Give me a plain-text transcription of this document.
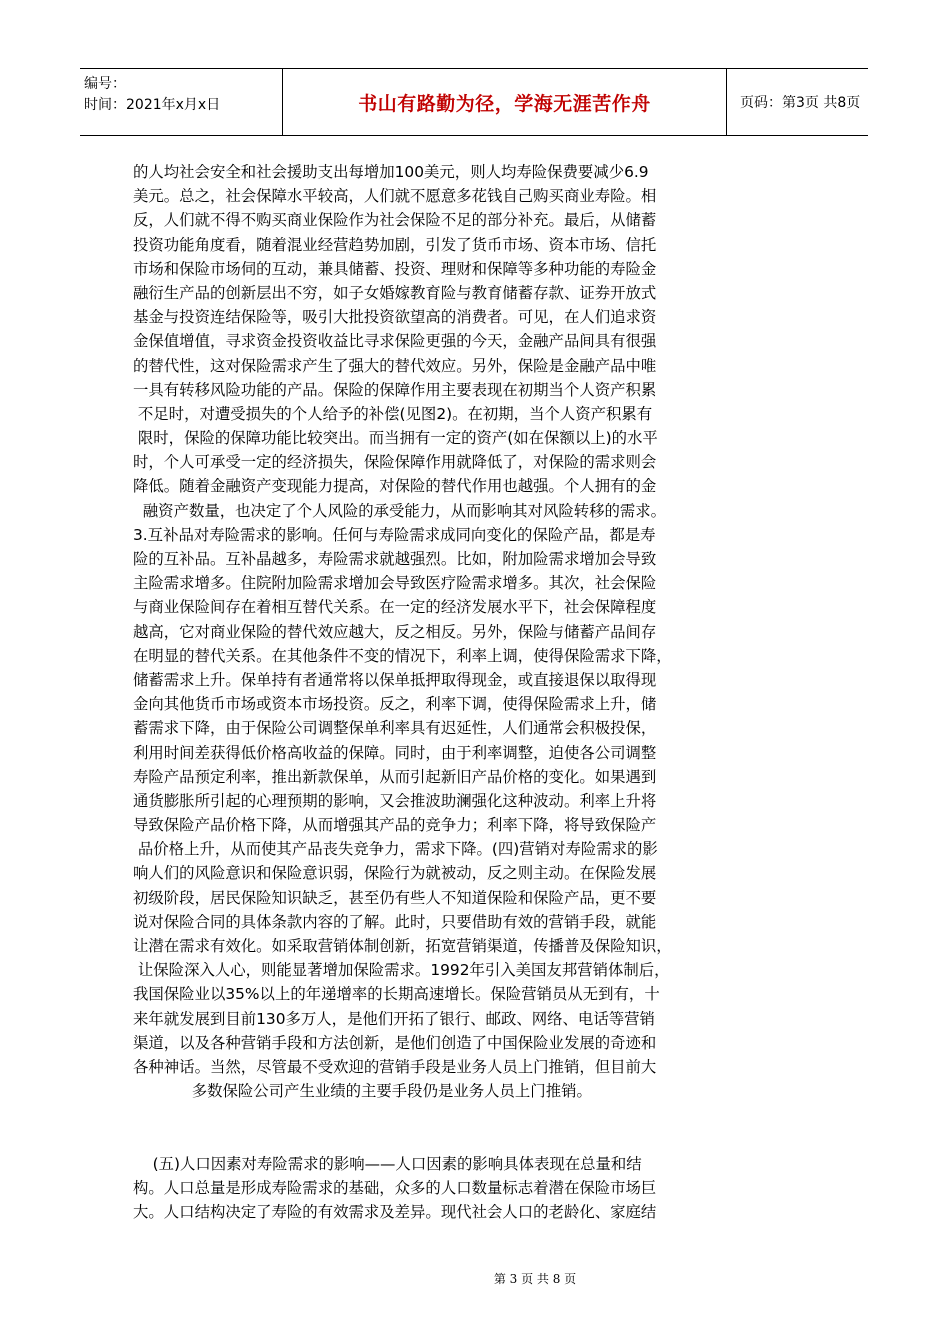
编号：
时间：2021年x月x日	书山有路勤为径，学海无涯苦作舟	页码：第3页 共8页
的人均社会安全和社会援助支出每增加100美元，则人均寿险保费要减少6.9
美元。总之，社会保障水平较高，人们就不愿意多花钱自己购买商业寿险。相
反，人们就不得不购买商业保险作为社会保险不足的部分补充。最后，从储蓄
投资功能角度看，随着混业经营趋势加剧，引发了货币市场、资本市场、信托
市场和保险市场伺的互动，兼具储蓄、投资、理财和保障等多种功能的寿险金
融衍生产品的创新层出不穷，如子女婚嫁教育险与教育储蓄存款、证券开放式
基金与投资连结保险等，吸引大批投资欲望高的消费者。可见，在人们追求资
金保值增值，寻求资金投资收益比寻求保险更强的今天，金融产品间具有很强
的替代性，这对保险需求产生了强大的替代效应。另外，保险是金融产品中唯
一具有转移风险功能的产品。保险的保障作用主要表现在初期当个人资产积累
不足时，对遭受损失的个人给予的补偿(见图2)。在初期，当个人资产积累有
限时，保险的保障功能比较突出。而当拥有一定的资产(如在保额以上)的水平
时，个人可承受一定的经济损失，保险保障作用就降低了，对保险的需求则会
降低。随着金融资产变现能力提高，对保险的替代作用也越强。个人拥有的金
融资产数量，也决定了个人风险的承受能力，从而影响其对风险转移的需求。
3.互补品对寿险需求的影响。任何与寿险需求成同向变化的保险产品，都是寿
险的互补品。互补晶越多，寿险需求就越强烈。比如，附加险需求增加会导致
主险需求增多。住院附加险需求增加会导致医疗险需求增多。其次，社会保险
与商业保险间存在着相互替代关系。在一定的经济发展水平下，社会保障程度
越高，它对商业保险的替代效应越大，反之相反。另外，保险与储蓄产品间存
在明显的替代关系。在其他条件不变的情况下，利率上调，使得保险需求下降，
储蓄需求上升。保单持有者通常将以保单抵押取得现金，或直接退保以取得现
金向其他货币市场或资本市场投资。反之，利率下调，使得保险需求上升，储
蓄需求下降，由于保险公司调整保单利率具有迟延性，人们通常会积极投保，
利用时间差获得低价格高收益的保障。同时，由于利率调整，迫使各公司调整
寿险产品预定利率，推出新款保单，从而引起新旧产品价格的变化。如果遇到
通货膨胀所引起的心理预期的影响，又会推波助澜强化这种波动。利率上升将
导致保险产品价格下降，从而增强其产品的竞争力；利率下降，将导致保险产
品价格上升，从而使其产品丧失竞争力，需求下降。(四)营销对寿险需求的影
响人们的风险意识和保险意识弱，保险行为就被动，反之则主动。在保险发展
初级阶段，居民保险知识缺乏，甚至仍有些人不知道保险和保险产品，更不要
说对保险合同的具体条款内容的了解。此时，只要借助有效的营销手段，就能
让潜在需求有效化。如采取营销体制创新，拓宽营销渠道，传播普及保险知识，
让保险深入人心，则能显著增加保险需求。1992年引入美国友邦营销体制后，
我国保险业以35%以上的年递增率的长期高速增长。保险营销员从无到有，十
来年就发展到目前130多万人，是他们开拓了银行、邮政、网络、电话等营销
渠道，以及各种营销手段和方法创新，是他们创造了中国保险业发展的奇迹和
各种神话。当然，尽管最不受欢迎的营销手段是业务人员上门推销，但目前大
多数保险公司产生业绩的主要手段仍是业务人员上门推销。
(五)人口因素对寿险需求的影响——人口因素的影响具体表现在总量和结
构。人口总量是形成寿险需求的基础，众多的人口数量标志着潜在保险市场巨
大。人口结构决定了寿险的有效需求及差异。现代社会人口的老龄化、家庭结
第 3 页 共 8 页
